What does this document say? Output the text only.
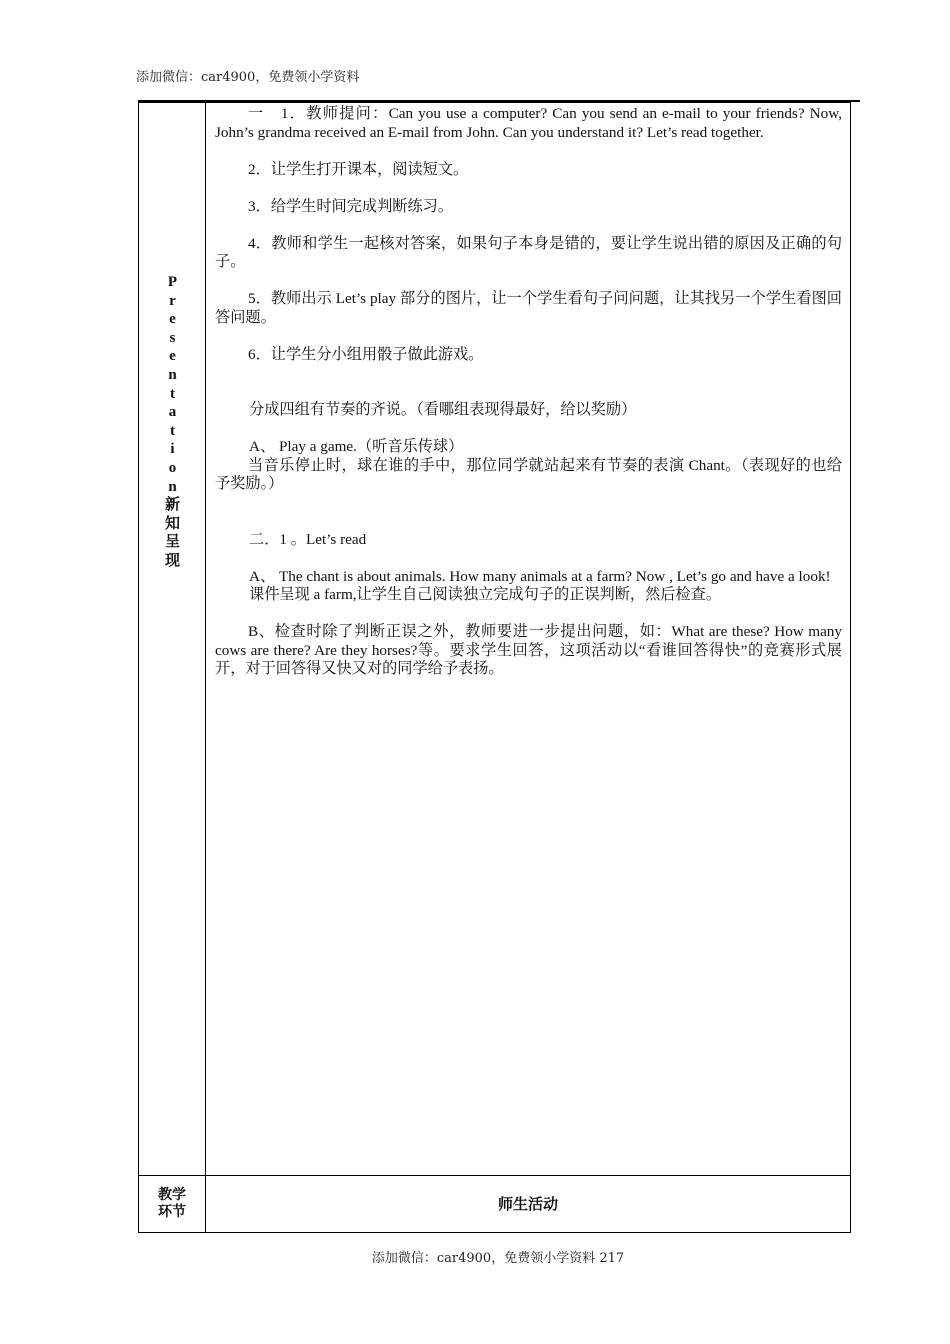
添加微信：car4900，免费领小学资料
P
r
e
s
e
n
t
a
t
i
o
n
新
知
呈
现

一　1．教师提问：Can you use a computer? Can you send an e-mail to your friends? Now, John’s grandma received an E-mail from John. Can you understand it? Let’s read together.

2．让学生打开课本，阅读短文。

3．给学生时间完成判断练习。

4．教师和学生一起核对答案，如果句子本身是错的，要让学生说出错的原因及正确的句子。

5．教师出示 Let’s play 部分的图片，让一个学生看句子问问题，让其找另一个学生看图回答问题。

6．让学生分小组用骰子做此游戏。

分成四组有节奏的齐说。（看哪组表现得最好，给以奖励）

A、 Play a game.（听音乐传球）

当音乐停止时，球在谁的手中，那位同学就站起来有节奏的表演 Chant。（表现好的也给予奖励。）

二．1 。Let’s read

A、 The chant is about animals. How many animals at a farm? Now , Let’s go and have a look!

课件呈现 a farm,让学生自己阅读独立完成句子的正误判断，然后检查。

B、检查时除了判断正误之外，教师要进一步提出问题，如：What are these? How many cows are there? Are they horses?等。要求学生回答，这项活动以“看谁回答得快”的竞赛形式展开，对于回答得又快又对的同学给予表扬。

教学
环节	师生活动
添加微信：car4900，免费领小学资料 217
